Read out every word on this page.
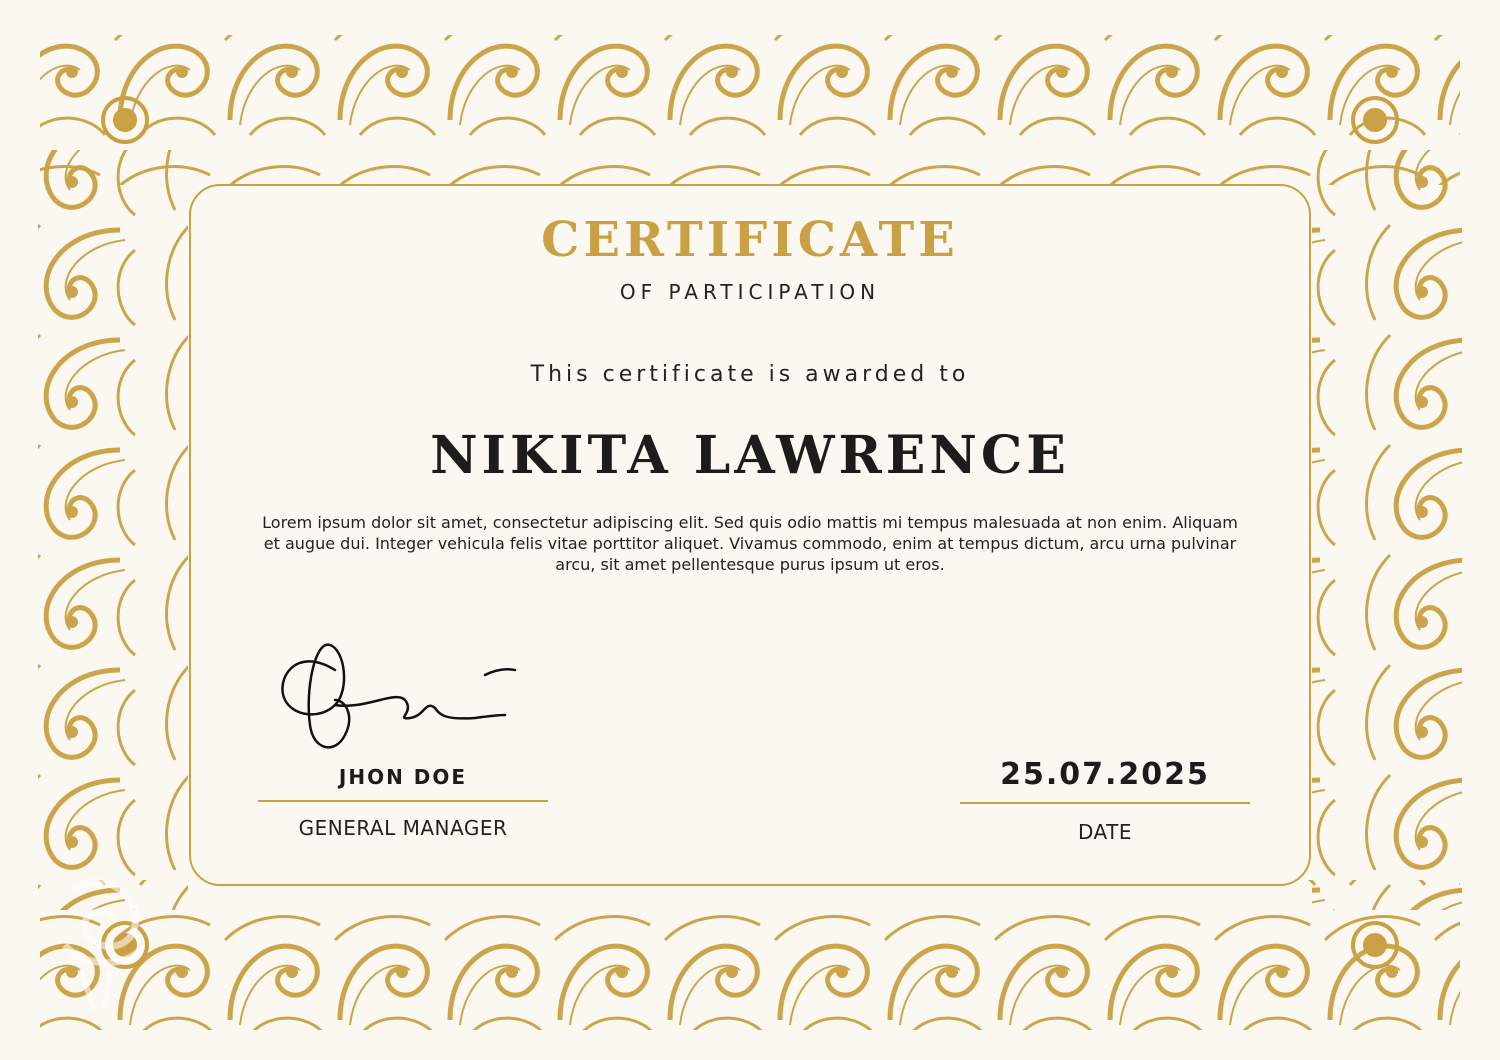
CERTIFICATE
OF PARTICIPATION
This certificate is awarded to
NIKITA LAWRENCE
Lorem ipsum dolor sit amet, consectetur adipiscing elit. Sed quis odio mattis mi tempus malesuada at non enim. Aliquam et augue dui. Integer vehicula felis vitae porttitor aliquet. Vivamus commodo, enim at tempus dictum, arcu urna pulvinar arcu, sit amet pellentesque purus ipsum ut eros.
JHON DOE
GENERAL MANAGER
25.07.2025
DATE
